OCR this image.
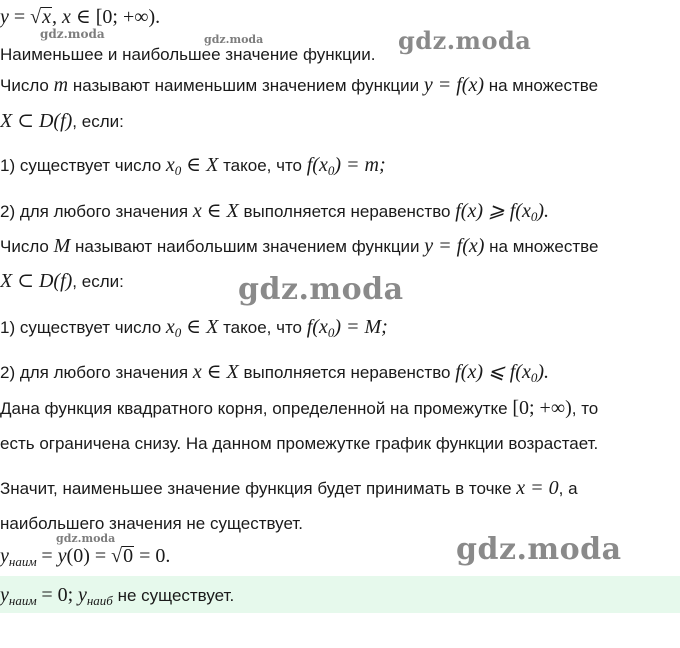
gdz.moda	gdz.moda
gdz.moda
gdz.moda
gdz.moda
gdz.moda
y = √x, x ∈ [0; +∞).
Наименьшее и наибольшее значение функции.
Число m называют наименьшим значением функции y = f(x) на множестве
X ⊂ D(f), если:
1) существует число $x_0$ ∈ X такое, что $f(x_0) = m$;
2) для любого значения x ∈ X выполняется неравенство f(x) ⩾ $f(x_0)$.
Число M называют наибольшим значением функции y = f(x) на множестве
X ⊂ D(f), если:
1) существует число $x_0$ ∈ X такое, что $f(x_0) = M$;
2) для любого значения x ∈ X выполняется неравенство f(x) ⩽ $f(x_0)$.
Дана функция квадратного корня, определенной на промежутке [0; +∞), то
есть ограничена снизу. На данном промежутке график функции возрастает.
Значит, наименьшее значение функция будет принимать в точке x = 0, а
наибольшего значения не существует.
$y_{наим} = y(0) = √0 = 0$.
$y_{наим} = 0$; $y_{наиб}$ не существует.
